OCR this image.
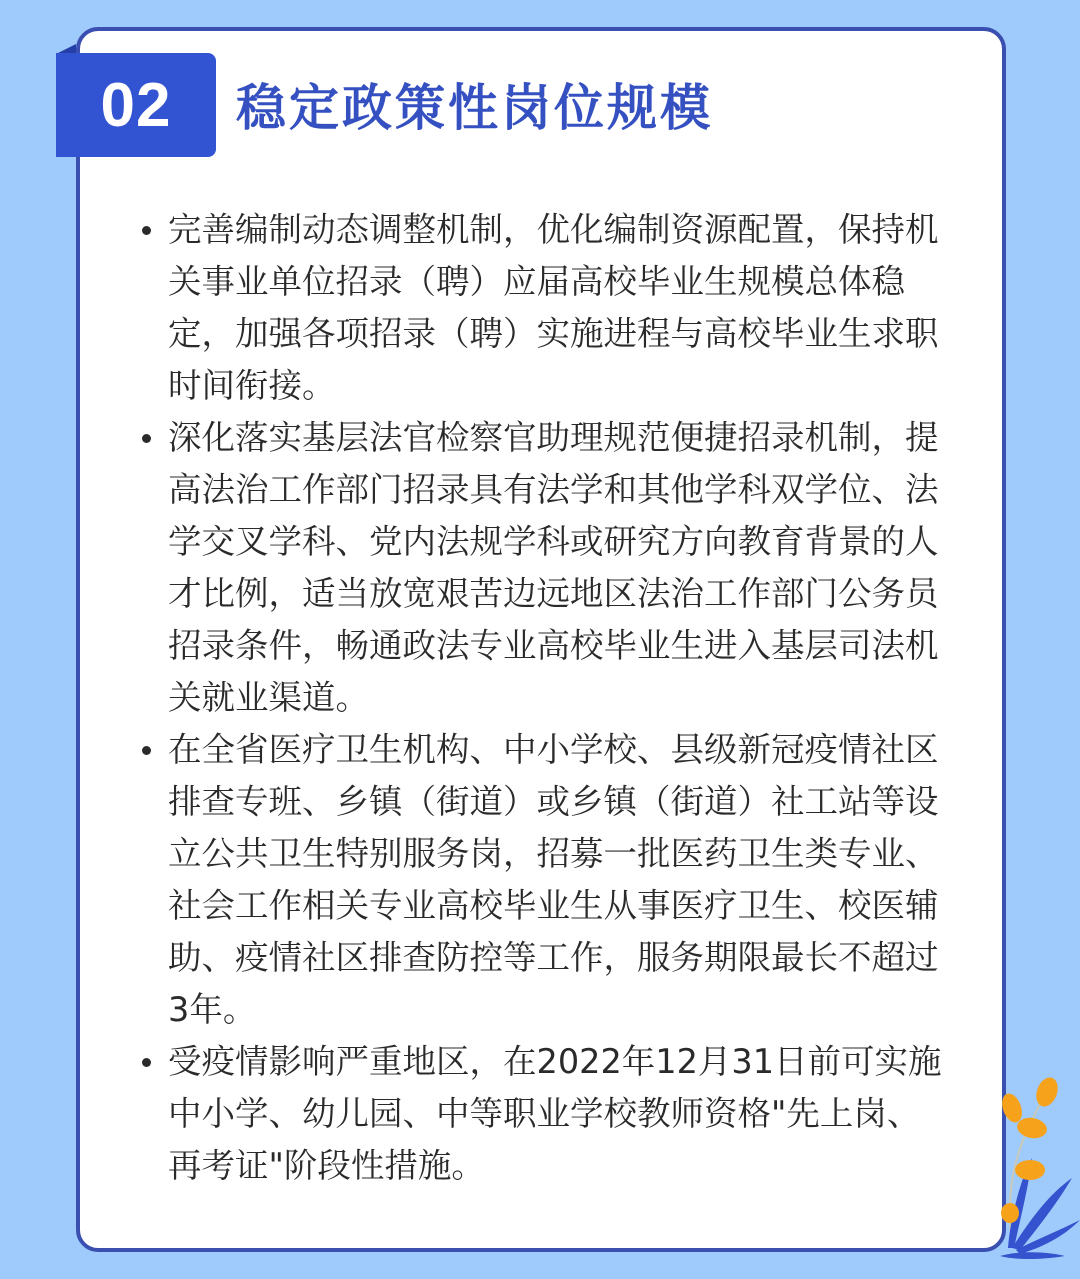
02	稳定政策性岗位规模
完善编制动态调整机制，优化编制资源配置，保持机
关事业单位招录（聘）应届高校毕业生规模总体稳
定，加强各项招录（聘）实施进程与高校毕业生求职
时间衔接。
深化落实基层法官检察官助理规范便捷招录机制，提
高法治工作部门招录具有法学和其他学科双学位、法
学交叉学科、党内法规学科或研究方向教育背景的人
才比例，适当放宽艰苦边远地区法治工作部门公务员
招录条件，畅通政法专业高校毕业生进入基层司法机
关就业渠道。
在全省医疗卫生机构、中小学校、县级新冠疫情社区
排查专班、乡镇（街道）或乡镇（街道）社工站等设
立公共卫生特别服务岗，招募一批医药卫生类专业、
社会工作相关专业高校毕业生从事医疗卫生、校医辅
助、疫情社区排查防控等工作，服务期限最长不超过
3年。
受疫情影响严重地区，在2022年12月31日前可实施
中小学、幼儿园、中等职业学校教师资格"先上岗、
再考证"阶段性措施。
